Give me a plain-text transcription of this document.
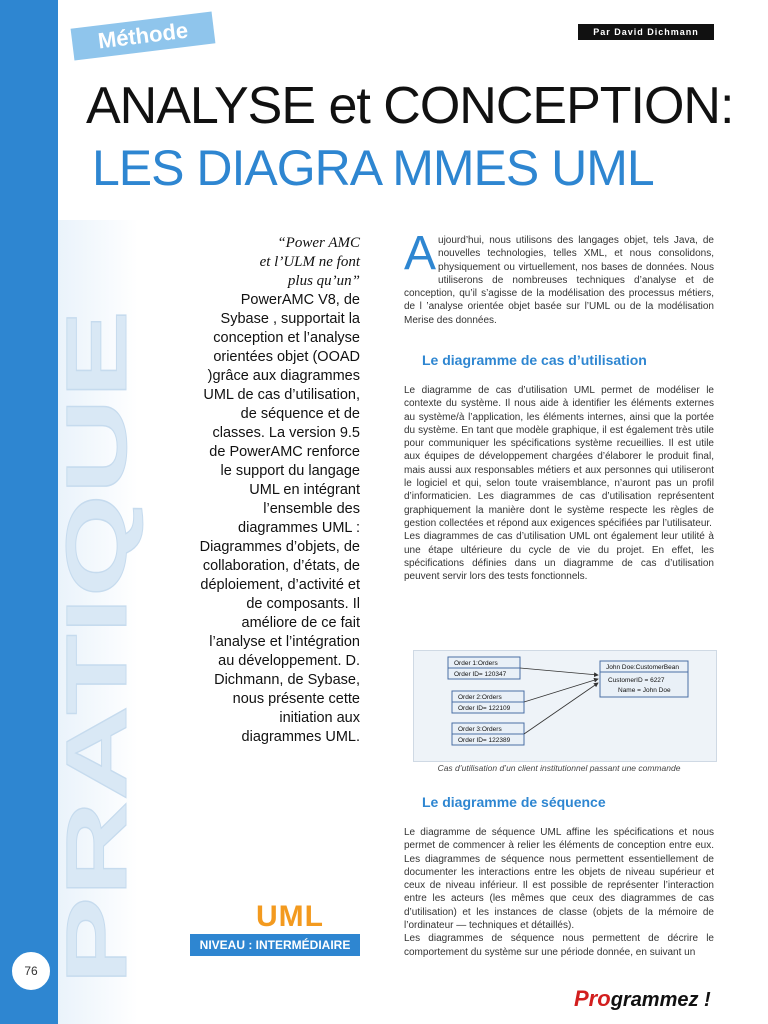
PRATIQUE
76
Méthode	Par David Dichmann
ANALYSE et CONCEPTION:
LES DIAGRA MMES UML
“Power AMC
et l’ULM ne font
plus qu’un”
PowerAMC V8, de Sybase , supportait la conception et l’analyse orientées objet (OOAD )grâce aux diagrammes UML de cas d’utilisation, de séquence et de classes. La version 9.5 de PowerAMC renforce le support du langage UML en intégrant l’ensemble des diagrammes UML : Diagrammes d’objets, de collaboration, d’états, de déploiement, d’activité et de composants. Il améliore de ce fait l’analyse et l’intégration au développement. D. Dichmann, de Sybase, nous présente cette initiation aux diagrammes UML.
UML
NIVEAU : INTERMÉDIAIRE
Aujourd’hui, nous utilisons des langages objet, tels Java, de nouvelles technologies, telles XML, et nous consolidons, physiquement ou virtuellement, nos bases de données. Nous utiliserons de nombreuses techniques d’analyse et de conception, qu’il s’agisse de la modélisation des processus métiers, de l ’analyse orientée objet basée sur l’UML ou de la modélisation Merise des données.
Le diagramme de cas d’utilisation
Le diagramme de cas d’utilisation UML permet de modéliser le contexte du système. Il nous aide à identifier les éléments externes au système/à l’application, les éléments internes, ainsi que la portée du système. En tant que modèle graphique, il est également très utile pour communiquer les spécifications système recueillies. Il est utile aux équipes de développement chargées d’élaborer le produit final, mais aussi aux responsables métiers et aux personnes qui utiliseront le logiciel et qui, selon toute vraisemblance, n’auront pas un profil d’informaticien. Les diagrammes de cas d’utilisation représentent graphiquement la manière dont le système respecte les règles de gestion collectées et répond aux exigences spécifiées par l’utilisateur.
Les diagrammes de cas d’utilisation UML ont également leur utilité à une étape ultérieure du cycle de vie du projet. En effet, les spécifications définies dans un diagramme de cas d’utilisation peuvent servir lors des tests fonctionnels.
Order 1:Orders
Order ID= 120347
Order 2:Orders
Order ID= 122109
Order 3:Orders
Order ID= 122389
John Doe:CustomerBean
CustomerID = 6227
Name = John Doe
Cas d’utilisation d’un client institutionnel passant une commande
Le diagramme de séquence
Le diagramme de séquence UML affine les spécifications et nous permet de commencer à relier les éléments de conception entre eux. Les diagrammes de séquence nous permettent essentiellement de documenter les interactions entre les objets de niveau supérieur et ceux de niveau inférieur. Il est possible de représenter l’interaction entre les acteurs (les mêmes que ceux des diagrammes de cas d’utilisation) et les instances de classe (objets de la mémoire de l’ordinateur — techniques et détaillés).
Les diagrammes de séquence nous permettent de décrire le comportement du système sur une période donnée, en suivant un
Programmez !
